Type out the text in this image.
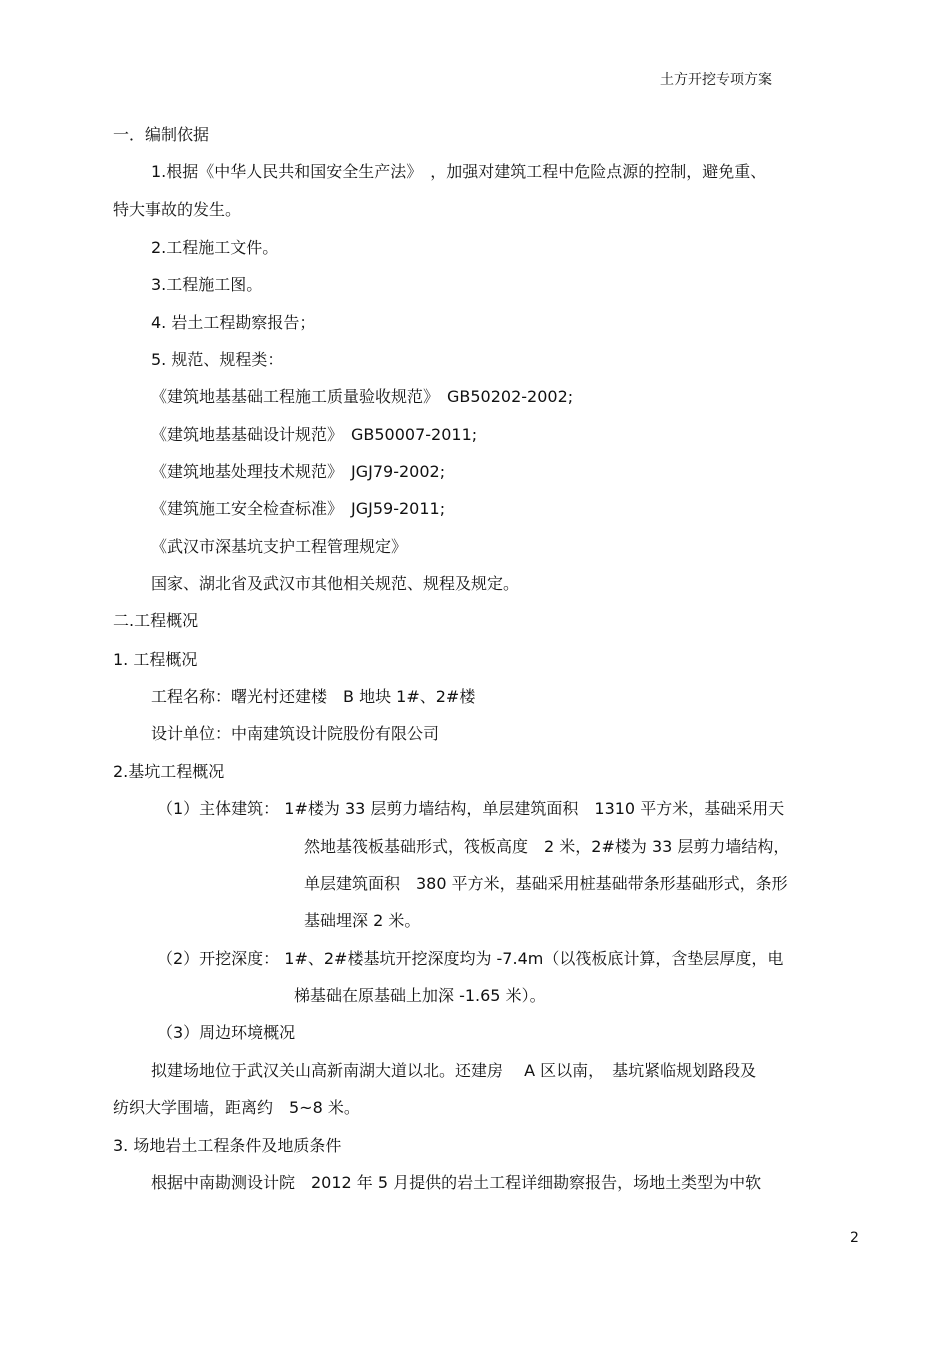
土方开挖专项方案
一．编制依据
1.根据《中华人民共和国安全生产法》　，加强对建筑工程中危险点源的控制，避免重、
特大事故的发生。
2.工程施工文件。
3.工程施工图。
4. 岩土工程勘察报告；
5. 规范、规程类：
《建筑地基基础工程施工质量验收规范》　GB50202-2002;
《建筑地基基础设计规范》　GB50007-2011;
《建筑地基处理技术规范》　JGJ79-2002;
《建筑施工安全检查标准》　JGJ59-2011;
《武汉市深基坑支护工程管理规定》
国家、湖北省及武汉市其他相关规范、规程及规定。
二.工程概况
1. 工程概况
工程名称：曙光村还建楼　B 地块 1#、2#楼
设计单位：中南建筑设计院股份有限公司
2.基坑工程概况
（1）主体建筑： 1#楼为 33 层剪力墙结构，单层建筑面积　1310 平方米，基础采用天
然地基筏板基础形式，筏板高度　2 米，2#楼为 33 层剪力墙结构，
单层建筑面积　380 平方米，基础采用桩基础带条形基础形式，条形
基础埋深 2 米。
（2）开挖深度： 1#、2#楼基坑开挖深度均为 -7.4m（以筏板底计算，含垫层厚度，电
梯基础在原基础上加深 -1.65 米）。
（3）周边环境概况
拟建场地位于武汉关山高新南湖大道以北。还建房　 A 区以南，　基坑紧临规划路段及
纺织大学围墙，距离约　5~8 米。
3. 场地岩土工程条件及地质条件
根据中南勘测设计院　2012 年 5 月提供的岩土工程详细勘察报告，场地土类型为中软
2
